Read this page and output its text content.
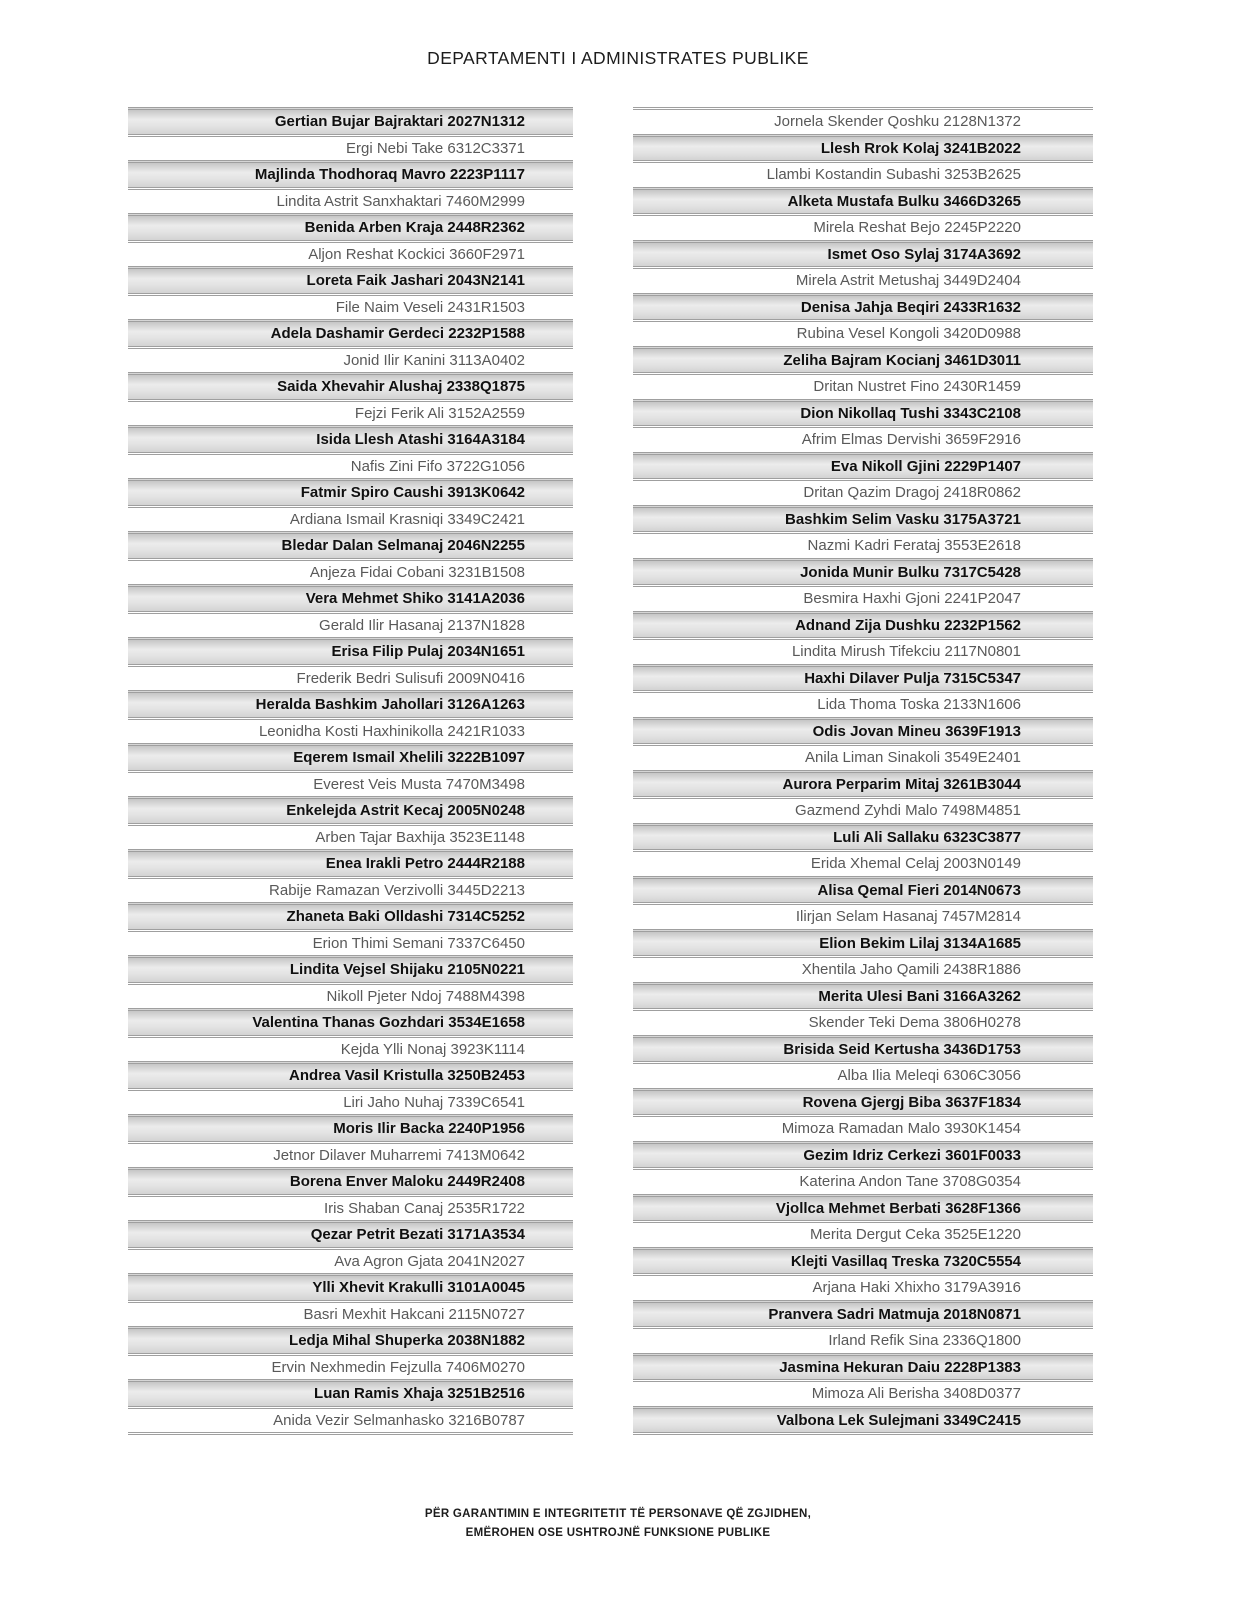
DEPARTAMENTI I ADMINISTRATES PUBLIKE
Gertian Bujar Bajraktari 2027N1312
Ergi Nebi Take 6312C3371
Majlinda Thodhoraq Mavro 2223P1117
Lindita Astrit Sanxhaktari 7460M2999
Benida Arben Kraja 2448R2362
Aljon Reshat Kockici 3660F2971
Loreta Faik Jashari 2043N2141
File Naim Veseli 2431R1503
Adela Dashamir Gerdeci 2232P1588
Jonid Ilir Kanini 3113A0402
Saida Xhevahir Alushaj 2338Q1875
Fejzi Ferik Ali 3152A2559
Isida Llesh Atashi 3164A3184
Nafis Zini Fifo 3722G1056
Fatmir Spiro Caushi 3913K0642
Ardiana Ismail Krasniqi 3349C2421
Bledar Dalan Selmanaj 2046N2255
Anjeza Fidai Cobani 3231B1508
Vera Mehmet Shiko 3141A2036
Gerald Ilir Hasanaj 2137N1828
Erisa Filip Pulaj 2034N1651
Frederik Bedri Sulisufi 2009N0416
Heralda Bashkim Jahollari 3126A1263
Leonidha Kosti Haxhinikolla 2421R1033
Eqerem Ismail Xhelili 3222B1097
Everest Veis Musta 7470M3498
Enkelejda Astrit Kecaj 2005N0248
Arben Tajar Baxhija 3523E1148
Enea Irakli Petro 2444R2188
Rabije Ramazan Verzivolli 3445D2213
Zhaneta Baki Olldashi 7314C5252
Erion Thimi Semani 7337C6450
Lindita Vejsel Shijaku 2105N0221
Nikoll Pjeter Ndoj 7488M4398
Valentina Thanas Gozhdari 3534E1658
Kejda Ylli Nonaj 3923K1114
Andrea Vasil Kristulla 3250B2453
Liri Jaho Nuhaj 7339C6541
Moris Ilir Backa 2240P1956
Jetnor Dilaver Muharremi 7413M0642
Borena Enver Maloku 2449R2408
Iris Shaban Canaj 2535R1722
Qezar Petrit Bezati 3171A3534
Ava Agron Gjata 2041N2027
Ylli Xhevit Krakulli 3101A0045
Basri Mexhit Hakcani 2115N0727
Ledja Mihal Shuperka 2038N1882
Ervin Nexhmedin Fejzulla 7406M0270
Luan Ramis Xhaja 3251B2516
Anida Vezir Selmanhasko 3216B0787
Jornela Skender Qoshku 2128N1372
Llesh Rrok Kolaj 3241B2022
Llambi Kostandin Subashi 3253B2625
Alketa Mustafa Bulku 3466D3265
Mirela Reshat Bejo 2245P2220
Ismet Oso Sylaj 3174A3692
Mirela Astrit Metushaj 3449D2404
Denisa Jahja Beqiri 2433R1632
Rubina Vesel Kongoli 3420D0988
Zeliha Bajram Kocianj 3461D3011
Dritan Nustret Fino 2430R1459
Dion Nikollaq Tushi 3343C2108
Afrim Elmas Dervishi 3659F2916
Eva Nikoll Gjini 2229P1407
Dritan Qazim Dragoj 2418R0862
Bashkim Selim Vasku 3175A3721
Nazmi Kadri Ferataj 3553E2618
Jonida Munir Bulku 7317C5428
Besmira Haxhi Gjoni 2241P2047
Adnand Zija Dushku 2232P1562
Lindita Mirush Tifekciu 2117N0801
Haxhi Dilaver Pulja 7315C5347
Lida Thoma Toska 2133N1606
Odis Jovan Mineu 3639F1913
Anila Liman Sinakoli 3549E2401
Aurora Perparim Mitaj 3261B3044
Gazmend Zyhdi Malo 7498M4851
Luli Ali Sallaku 6323C3877
Erida Xhemal Celaj 2003N0149
Alisa Qemal Fieri 2014N0673
Ilirjan Selam Hasanaj 7457M2814
Elion Bekim Lilaj 3134A1685
Xhentila Jaho Qamili 2438R1886
Merita Ulesi Bani 3166A3262
Skender Teki Dema 3806H0278
Brisida Seid Kertusha 3436D1753
Alba Ilia Meleqi 6306C3056
Rovena Gjergj Biba 3637F1834
Mimoza Ramadan Malo 3930K1454
Gezim Idriz Cerkezi 3601F0033
Katerina Andon Tane 3708G0354
Vjollca Mehmet Berbati 3628F1366
Merita Dergut Ceka 3525E1220
Klejti Vasillaq Treska 7320C5554
Arjana Haki Xhixho 3179A3916
Pranvera Sadri Matmuja 2018N0871
Irland Refik Sina 2336Q1800
Jasmina Hekuran Daiu 2228P1383
Mimoza Ali Berisha 3408D0377
Valbona Lek Sulejmani 3349C2415
PËR GARANTIMIN E INTEGRITETIT TË PERSONAVE QË ZGJIDHEN,
EMËROHEN OSE USHTROJNË FUNKSIONE PUBLIKE
